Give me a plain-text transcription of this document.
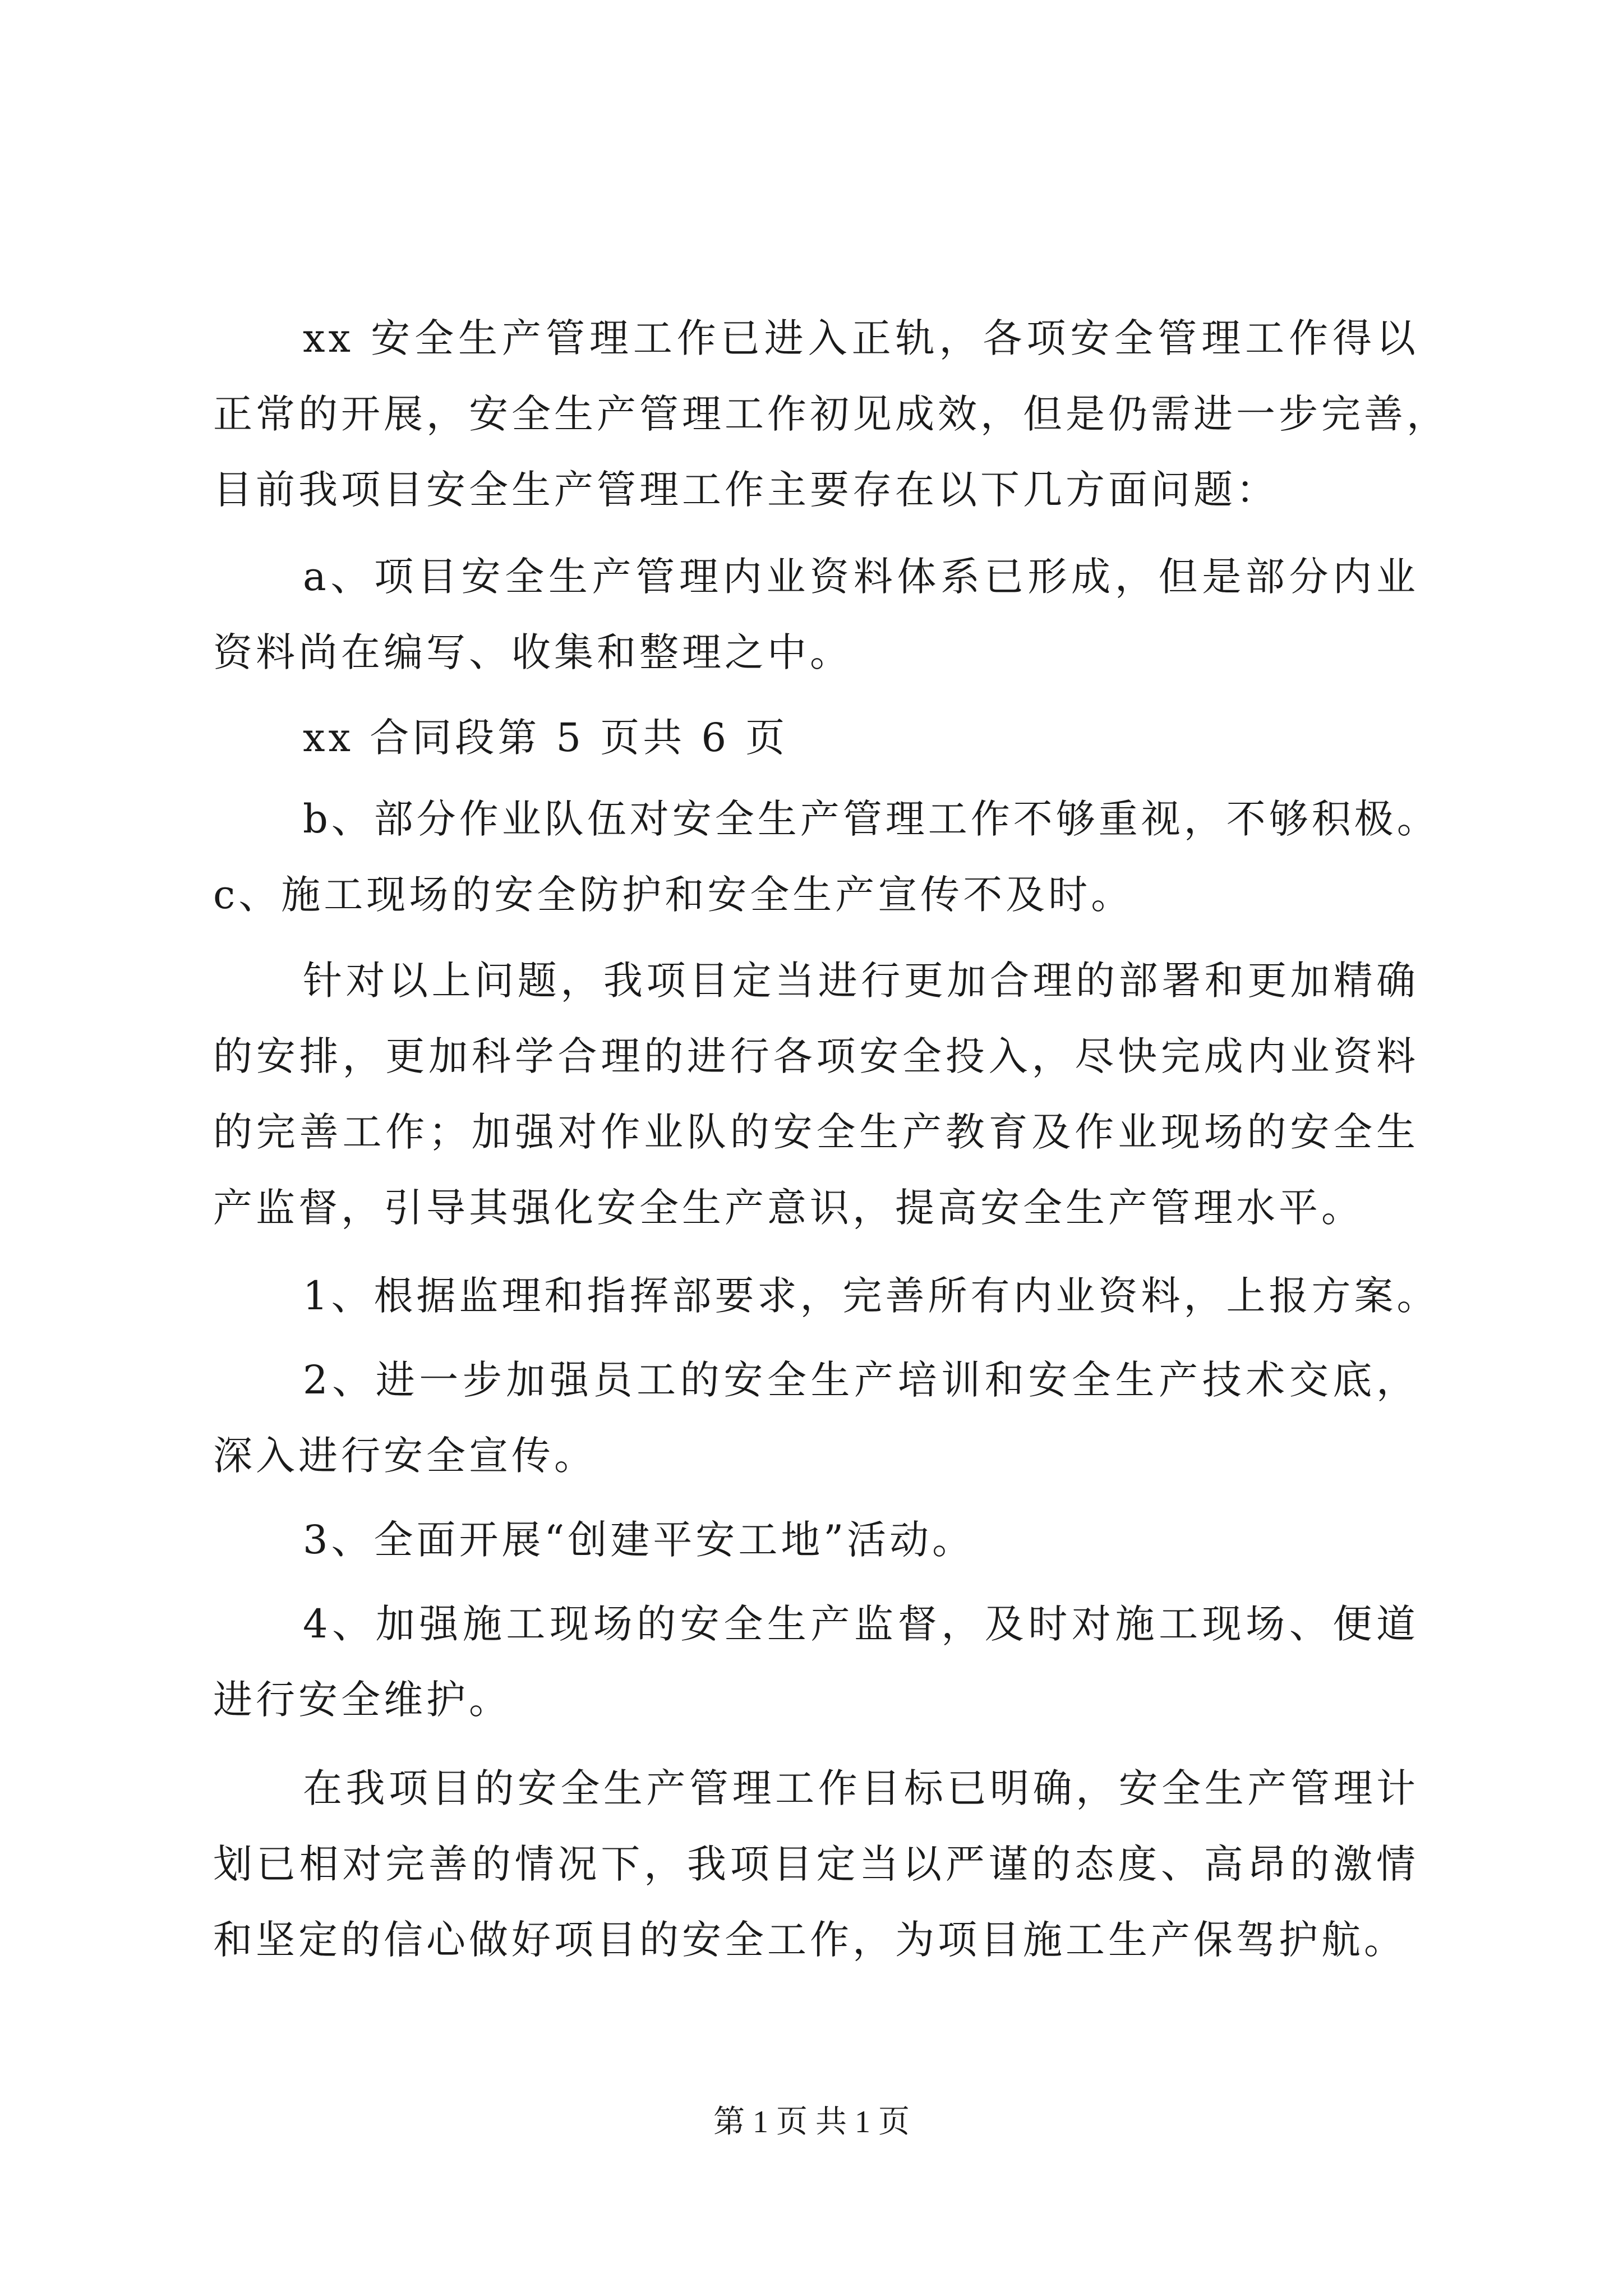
xx 安全生产管理工作已进入正轨，各项安全管理工作得以

正常的开展，安全生产管理工作初见成效，但是仍需进一步完善，

目前我项目安全生产管理工作主要存在以下几方面问题：

a、项目安全生产管理内业资料体系已形成，但是部分内业

资料尚在编写、收集和整理之中。

xx 合同段第 5 页共 6 页

b、部分作业队伍对安全生产管理工作不够重视，不够积极。

c、施工现场的安全防护和安全生产宣传不及时。

针对以上问题，我项目定当进行更加合理的部署和更加精确

的安排，更加科学合理的进行各项安全投入，尽快完成内业资料

的完善工作；加强对作业队的安全生产教育及作业现场的安全生

产监督，引导其强化安全生产意识，提高安全生产管理水平。

1、根据监理和指挥部要求，完善所有内业资料，上报方案。

2、进一步加强员工的安全生产培训和安全生产技术交底，

深入进行安全宣传。

3、全面开展“创建平安工地”活动。

4、加强施工现场的安全生产监督，及时对施工现场、便道

进行安全维护。

在我项目的安全生产管理工作目标已明确，安全生产管理计

划已相对完善的情况下，我项目定当以严谨的态度、高昂的激情

和坚定的信心做好项目的安全工作，为项目施工生产保驾护航。

第 1 页 共 1 页
